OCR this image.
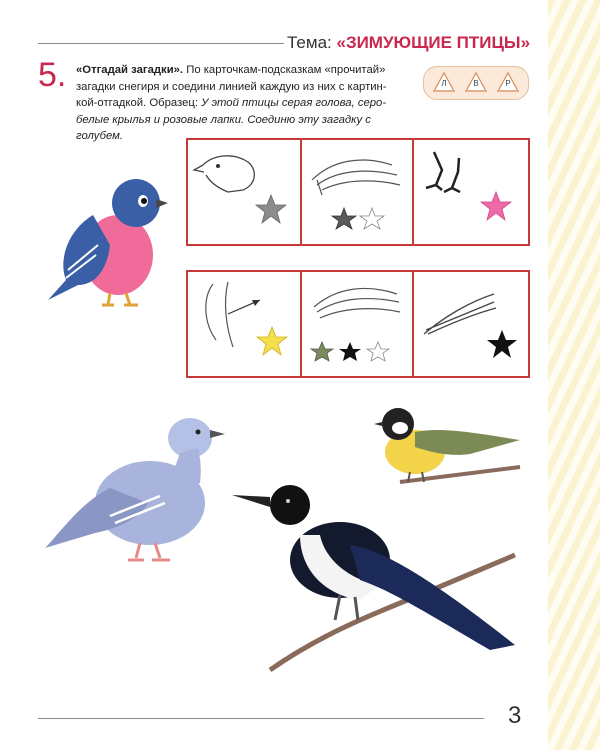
Тема: «ЗИМУЮЩИЕ ПТИЦЫ»
5. «Отгадай загадки». По карточкам-подсказкам «прочитай»
загадки снегиря и соедини линией каждую из них с картин-
кой-отгадкой. Образец: У этой птицы серая голова, серо-
белые крылья и розовые лапки. Соединю эту загадку с голубем.
Л	В	Р
3
